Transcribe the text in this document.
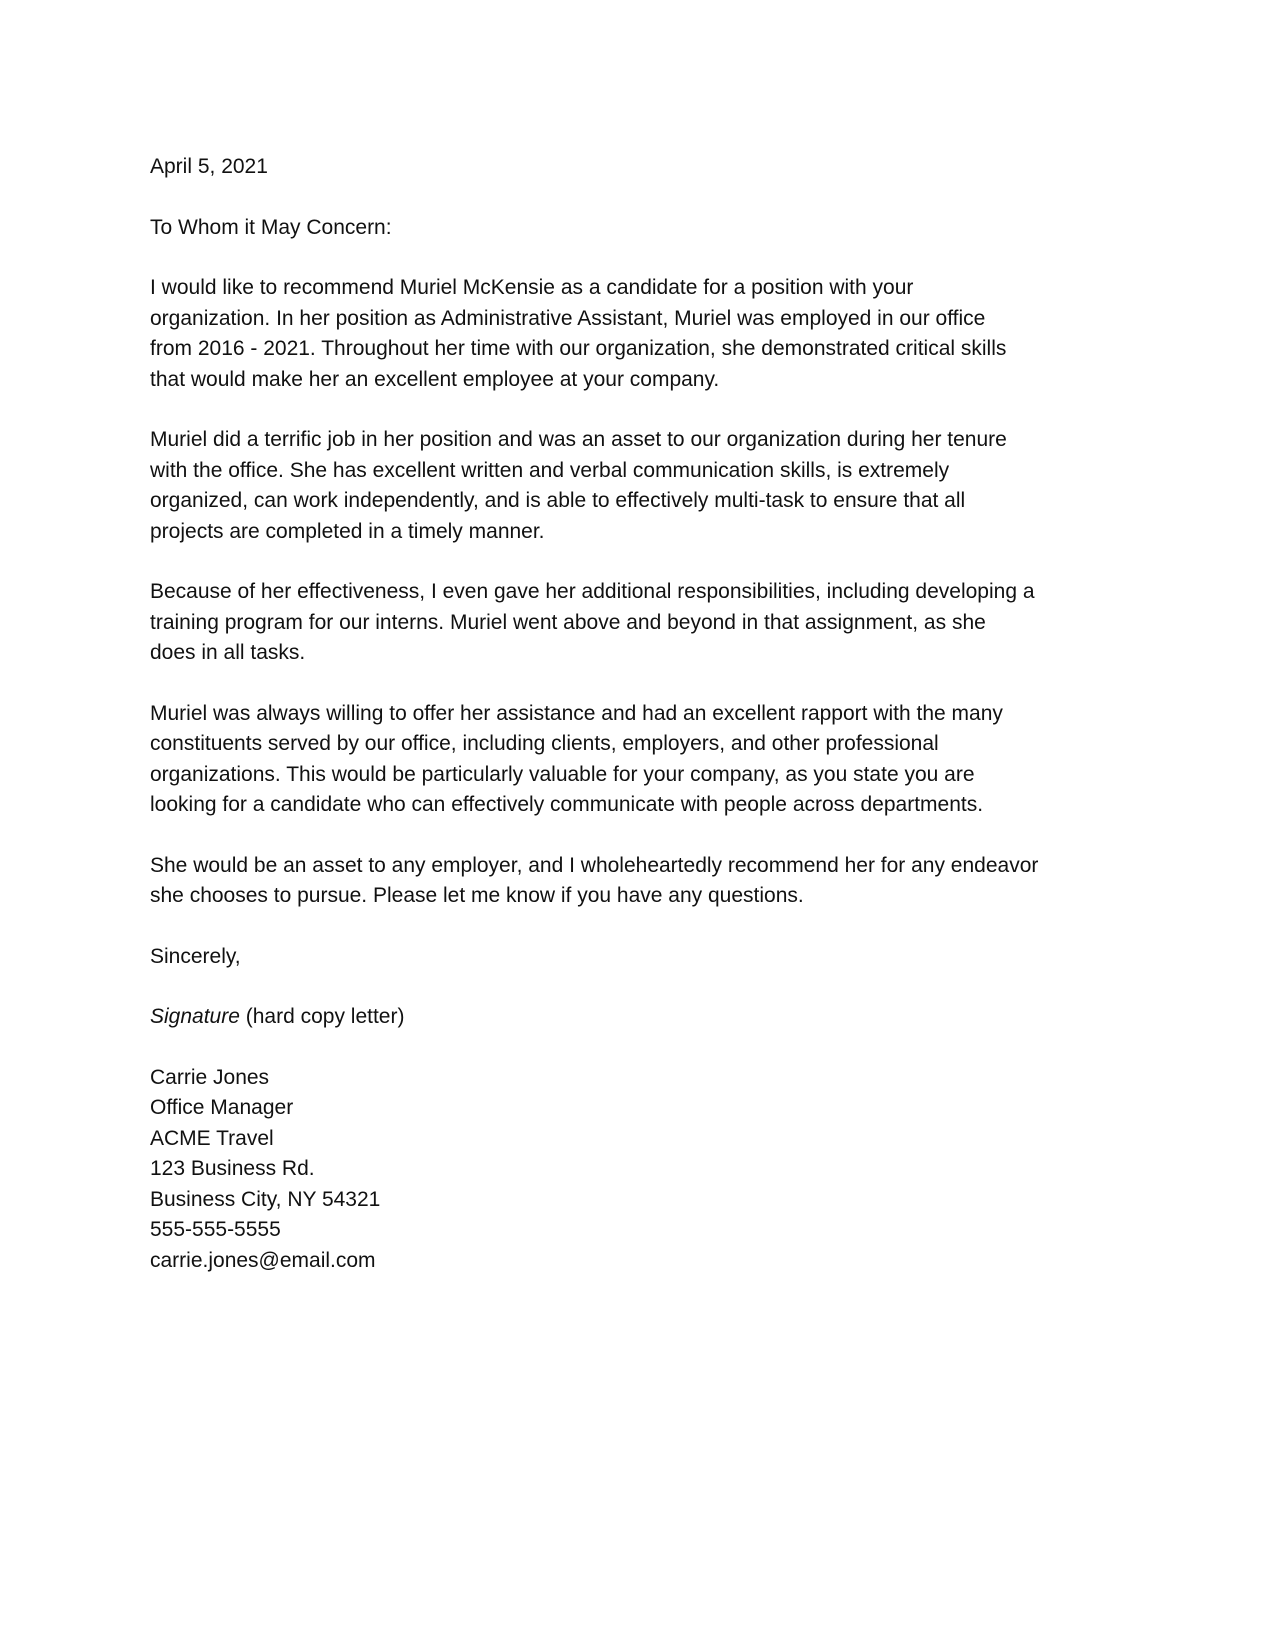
April 5, 2021
To Whom it May Concern:

I would like to recommend Muriel McKensie as a candidate for a position with your
organization. In her position as Administrative Assistant, Muriel was employed in our office
from 2016 - 2021. Throughout her time with our organization, she demonstrated critical skills
that would make her an excellent employee at your company.

Muriel did a terrific job in her position and was an asset to our organization during her tenure
with the office. She has excellent written and verbal communication skills, is extremely
organized, can work independently, and is able to effectively multi-task to ensure that all
projects are completed in a timely manner.

Because of her effectiveness, I even gave her additional responsibilities, including developing a
training program for our interns. Muriel went above and beyond in that assignment, as she
does in all tasks.

Muriel was always willing to offer her assistance and had an excellent rapport with the many
constituents served by our office, including clients, employers, and other professional
organizations. This would be particularly valuable for your company, as you state you are
looking for a candidate who can effectively communicate with people across departments.

She would be an asset to any employer, and I wholeheartedly recommend her for any endeavor
she chooses to pursue. Please let me know if you have any questions.

Sincerely,
Signature (hard copy letter)
Carrie Jones
Office Manager
ACME Travel
123 Business Rd.
Business City, NY 54321
555-555-5555
carrie.jones@email.com
